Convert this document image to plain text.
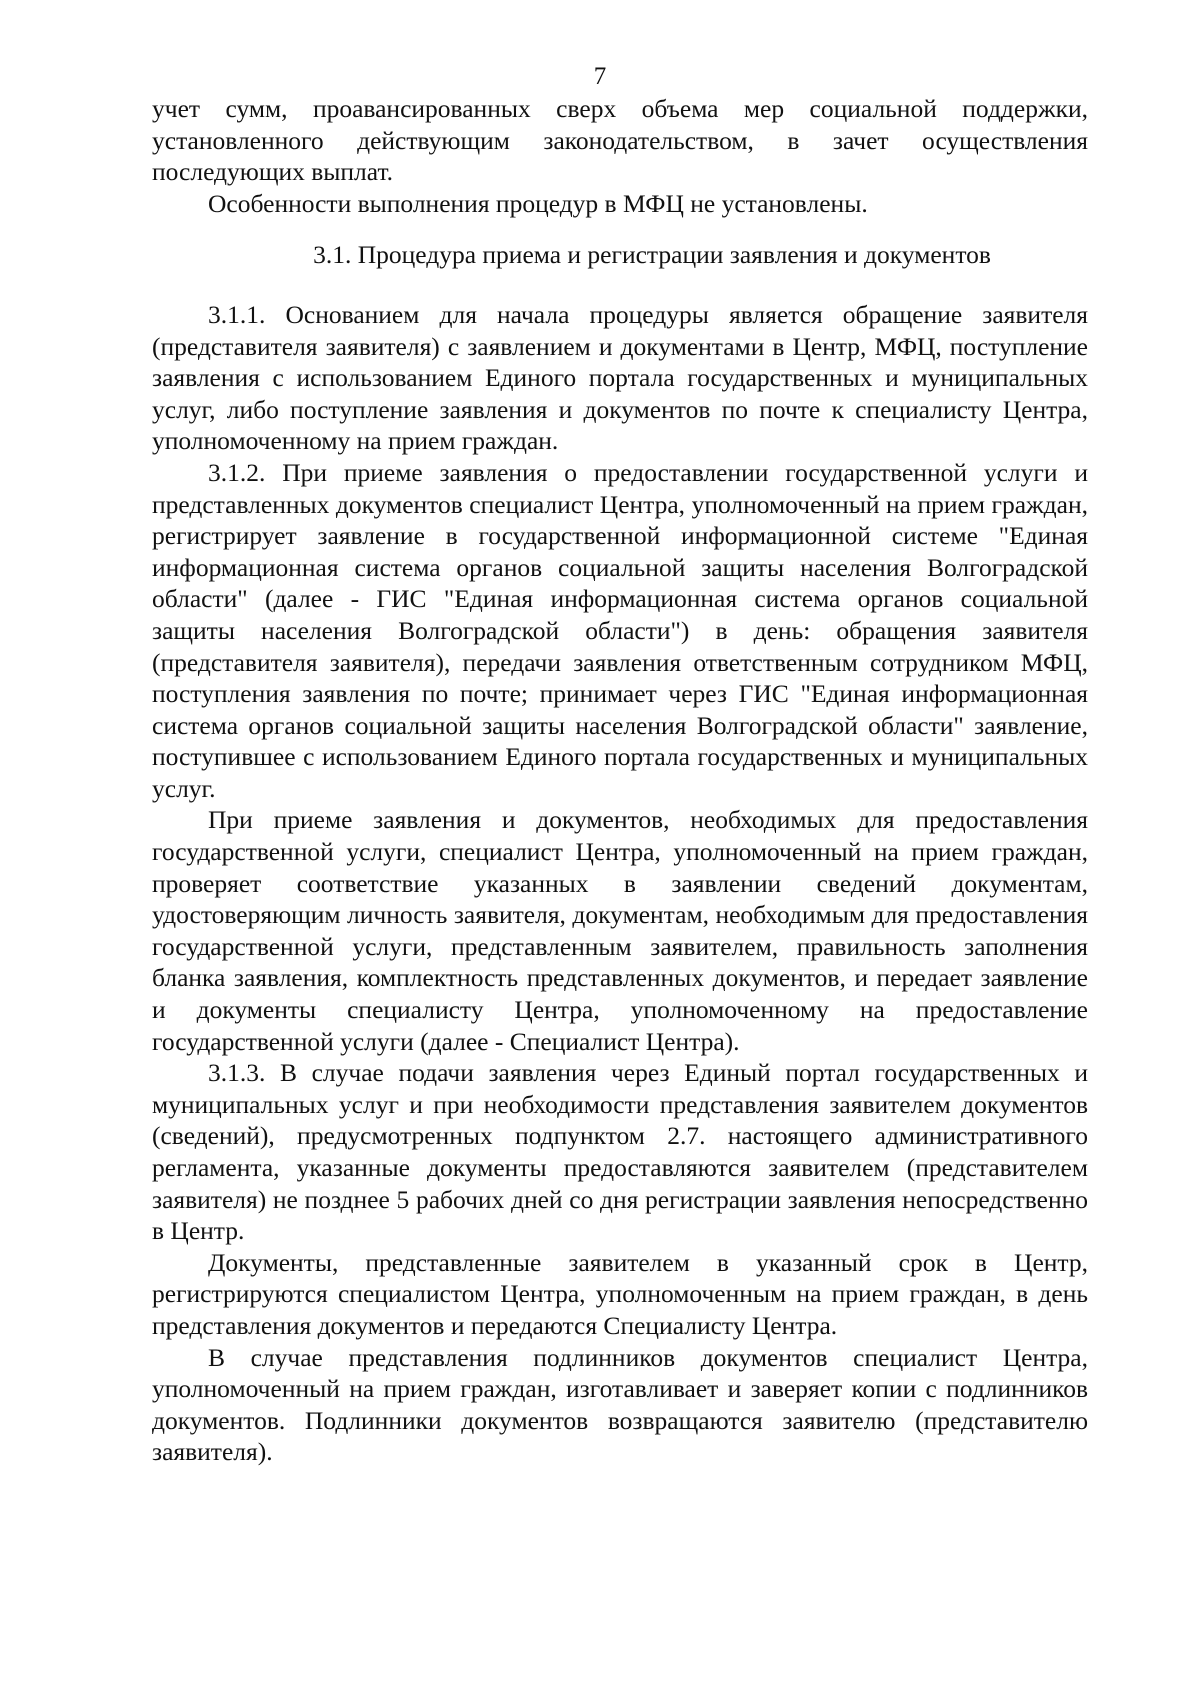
7

учет сумм, проавансированных сверх объема мер социальной поддержки, установленного действующим законодательством, в зачет осуществления последующих выплат.

Особенности выполнения процедур в МФЦ не установлены.

3.1. Процедура приема и регистрации заявления и документов

3.1.1. Основанием для начала процедуры является обращение заявителя (представителя заявителя) с заявлением и документами в Центр, МФЦ, поступление заявления с использованием Единого портала государственных и муниципальных услуг, либо поступление заявления и документов по почте к специалисту Центра, уполномоченному на прием граждан.

3.1.2. При приеме заявления о предоставлении государственной услуги и представленных документов специалист Центра, уполномоченный на прием граждан, регистрирует заявление в государственной информационной системе "Единая информационная система органов социальной защиты населения Волгоградской области" (далее - ГИС "Единая информационная система органов социальной защиты населения Волгоградской области") в день: обращения заявителя (представителя заявителя), передачи заявления ответственным сотрудником МФЦ, поступления заявления по почте; принимает через ГИС "Единая информационная система органов социальной защиты населения Волгоградской области" заявление, поступившее с использованием Единого портала государственных и муниципальных услуг.

При приеме заявления и документов, необходимых для предоставления государственной услуги, специалист Центра, уполномоченный на прием граждан, проверяет соответствие указанных в заявлении сведений документам, удостоверяющим личность заявителя, документам, необходимым для предоставления государственной услуги, представленным заявителем, правильность заполнения бланка заявления, комплектность представленных документов, и передает заявление и документы специалисту Центра, уполномоченному на предоставление государственной услуги (далее - Специалист Центра).

3.1.3. В случае подачи заявления через Единый портал государственных и муниципальных услуг и при необходимости представления заявителем документов (сведений), предусмотренных подпунктом 2.7. настоящего административного регламента, указанные документы предоставляются заявителем (представителем заявителя) не позднее 5 рабочих дней со дня регистрации заявления непосредственно в Центр.

Документы, представленные заявителем в указанный срок в Центр, регистрируются специалистом Центра, уполномоченным на прием граждан, в день представления документов и передаются Специалисту Центра.

В случае представления подлинников документов специалист Центра, уполномоченный на прием граждан, изготавливает и заверяет копии с подлинников документов. Подлинники документов возвращаются заявителю (представителю заявителя).
